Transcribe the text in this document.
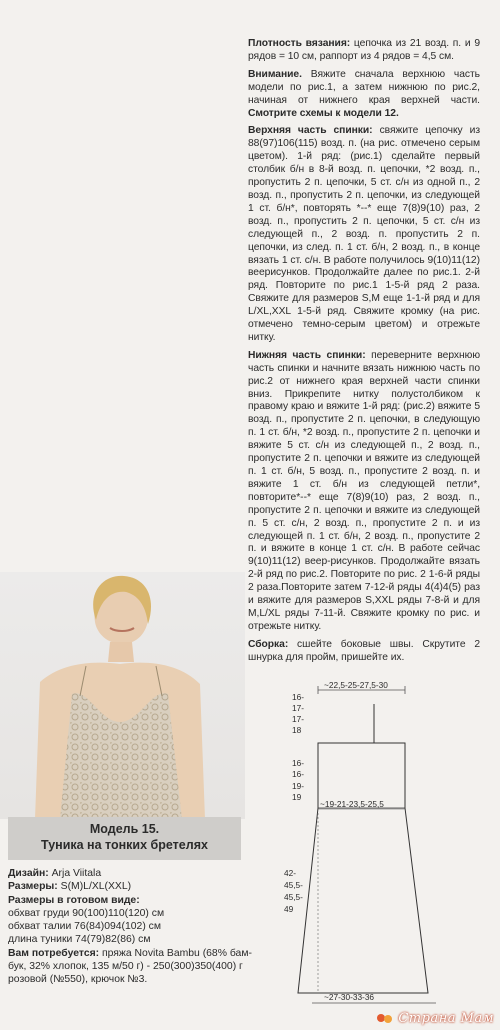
Плотность вязания: цепочка из 21 возд. п. и 9 рядов = 10 см, раппорт из 4 рядов = 4,5 см.

Внимание. Вяжите сначала верхнюю часть модели по рис.1, а затем нижнюю по рис.2, начиная от нижнего края верхней части. Смотрите схемы к модели 12.

Верхняя часть спинки: свяжите цепочку из 88(97)106(115) возд. п. (на рис. отмечено серым цветом). 1-й ряд: (рис.1) сделайте первый столбик б/н в 8-й возд. п. цепочки, *2 возд. п., пропустить 2 п. цепочки, 5 ст. с/н из одной п., 2 возд. п., пропустить 2 п. цепочки, из следующей 1 ст. б/н*, повторять *--* еще 7(8)9(10) раз, 2 возд. п., пропустить 2 п. цепочки, 5 ст. с/н из следующей п., 2 возд. п. пропустить 2 п. цепочки, из след. п. 1 ст. б/н, 2 возд. п., в конце вязать 1 ст. с/н. В работе получилось 9(10)11(12) веерисунков. Продолжайте далее по рис.1. 2-й ряд. Повторите по рис.1 1-5-й ряд 2 раза. Свяжите для размеров S,M еще 1-1-й ряд и для L/XL,XXL 1-5-й ряд. Свяжите кромку (на рис. отмечено темно-серым цветом) и отрежьте нитку.

Нижняя часть спинки: переверните верхнюю часть спинки и начните вязать нижнюю часть по рис.2 от нижнего края верхней части спинки вниз. Прикрепите нитку полустолбиком к правому краю и вяжите 1-й ряд: (рис.2) вяжите 5 возд. п., пропустите 2 п. цепочки, в следующую п. 1 ст. б/н, *2 возд. п., пропустите 2 п. цепочки и вяжите 5 ст. с/н из следующей п., 2 возд. п., пропустите 2 п. цепочки и вяжите из следующей п. 1 ст. б/н, 5 возд. п., пропустите 2 возд. п. и вяжите 1 ст. б/н из следующей петли*, повторите*--* еще 7(8)9(10) раз, 2 возд. п., пропустите 2 п. цепочки и вяжите из следующей п. 5 ст. с/н, 2 возд. п., пропустите 2 п. и из следующей п. 1 ст. б/н, 2 возд. п., пропустите 2 п. и вяжите в конце 1 ст. с/н. В работе сейчас 9(10)11(12) веер-рисунков. Продолжайте вязать 2-й ряд по рис.2. Повторите по рис. 2 1-6-й ряды 2 раза.Повторите затем 7-12-й ряды 4(4)4(5) раз и вяжите для размеров S,XXL ряды 7-8-й и для M,L/XL ряды 7-11-й. Свяжите кромку по рис. и отрежьте нитку.

Сборка: сшейте боковые швы. Скрутите 2 шнурка для пройм, пришейте их.

Модель 15.
Туника на тонких бретелях
Дизайн: Arja Viitala
Размеры: S(M)L/XL(XXL)
Размеры в готовом виде:
обхват груди 90(100)110(120) см
обхват талии 76(84)094(102) см
длина туники 74(79)82(86) см
Вам потребуется: пряжа Novita Bambu (68% бам-
бук, 32% хлопок, 135 м/50 г) - 250(300)350(400) г
розовой (№550), крючок №3.
~22,5-25-27,5-30
~19-21-23,5-25,5
16-
17-
17-
18
16-
16-
19-
19
42-
45,5-
45,5-
49
~27-30-33-36
Страна Мам
